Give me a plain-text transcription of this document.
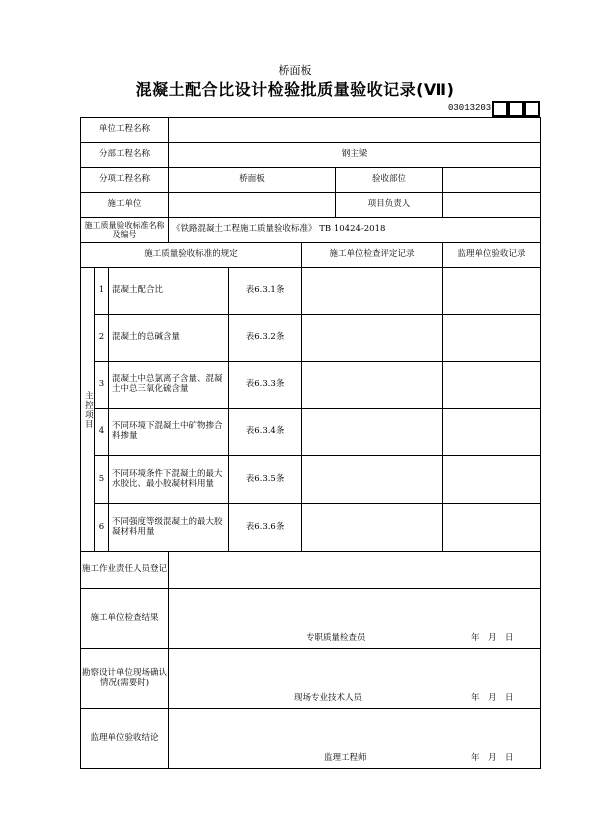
桥面板
混凝土配合比设计检验批质量验收记录(Ⅶ)
03013203
单位工程名称							
分部工程名称			钢主梁				
分项工程名称			桥面板			验收部位	
施工单位						项目负责人	
施工质量验收标准名称及编号			《铁路混凝土工程施工质量验收标准》 TB 10424-2018				
施工质量验收标准的规定					施工单位检查评定记录		监理单位验收记录
主控项目	1	混凝土配合比		表6.3.1条			
	2	混凝土的总碱含量		表6.3.2条			
	3	混凝土中总氯离子含量、混凝土中总三氧化硫含量		表6.3.3条			
	4	不同环境下混凝土中矿物掺合料掺量		表6.3.4条			
	5	不同环境条件下混凝土的最大水胶比、最小胶凝材料用量		表6.3.5条			
	6	不同强度等级混凝土的最大胶凝材料用量		表6.3.6条			
施工作业责任人员登记							
施工单位检查结果			专职质量检查员 年　月　日				

勘察设计单位现场确认情况(需要时)			现场专业技术人员 年　月　日				

监理单位验收结论			监理工程师 年　月　日				
